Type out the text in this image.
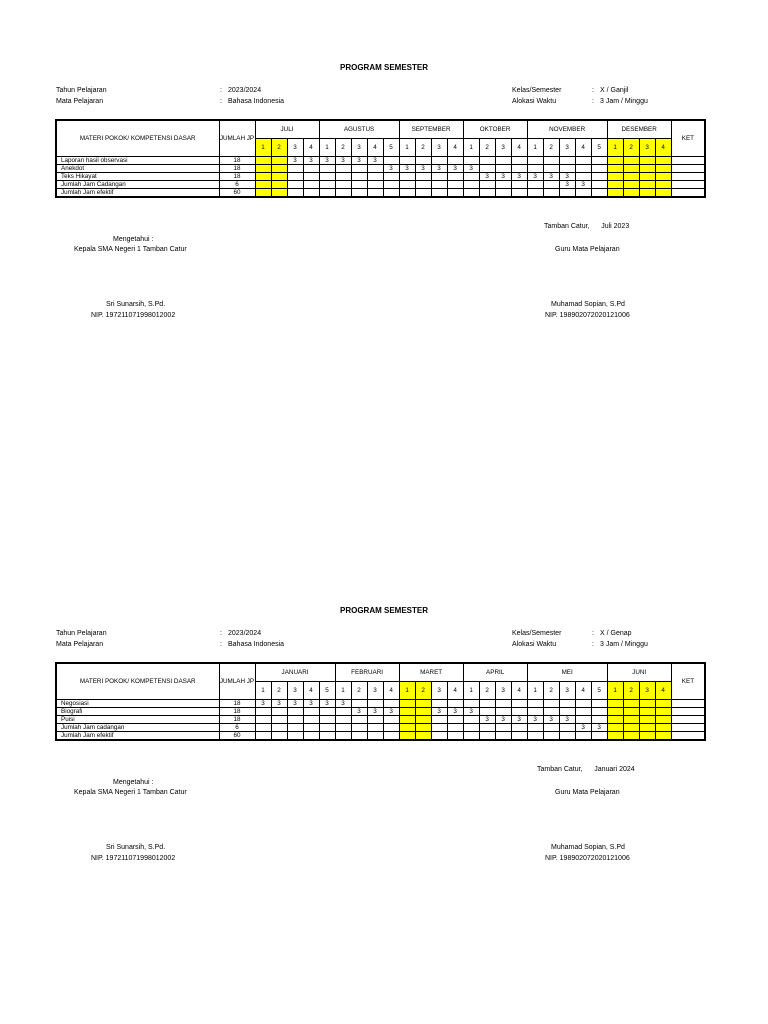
PROGRAM SEMESTER
Tahun Pelajaran	: 2023/2024
Mata Pelajaran	: Bahasa Indonesia
Kelas/Semester	: X / Ganjil
Alokasi Waktu	: 3 Jam / Minggu
MATERI POKOK/ KOMPETENSI DASAR	JUMLAH JP	JULI				AGUSTUS					SEPTEMBER				OKTOBER				NOVEMBER					DESEMBER				KET
		1	2	3	4	1	2	3	4	5	1	2	3	4	1	2	3	4	1	2	3	4	5	1	2	3	4	
Laporan hasil observasi	18			3	3	3	3	3	3																			
Anekdot	18									3	3	3	3	3	3													
Teks Hikayat	18															3	3	3	3	3	3							
Jumlah Jam Cadangan	6																				3	3						
Jumlah Jam efektif	60																											
Tamban Catur,      Juli 2023
Mengetahui :
Kepala SMA Negeri 1 Tamban Catur	Guru Mata Pelajaran
Sri Sunarsih, S.Pd.
NIP. 197211071998012002
Muhamad Sopian, S.Pd
NIP. 198902072020121006
PROGRAM SEMESTER
Tahun Pelajaran	: 2023/2024
Mata Pelajaran	: Bahasa Indonesia
Kelas/Semester	: X / Genap
Alokasi Waktu	: 3 Jam / Minggu
MATERI POKOK/ KOMPETENSI DASAR	JUMLAH JP	JANUARI					FEBRUARI				MARET				APRIL				MEI					JUNI				KET
		1	2	3	4	5	1	2	3	4	1	2	3	4	1	2	3	4	1	2	3	4	5	1	2	3	4	
Negosiasi	18	3	3	3	3	3	3																					
Biografi	18							3	3	3			3	3	3													
Puisi	18															3	3	3	3	3	3							
Jumlah Jam cadangan	6																					3	3					
Jumlah Jam efektif	60																											
Tamban Catur,      Januari 2024
Mengetahui :
Kepala SMA Negeri 1 Tamban Catur	Guru Mata Pelajaran
Sri Sunarsih, S.Pd.
NIP. 197211071998012002
Muhamad Sopian, S.Pd
NIP. 198902072020121006
